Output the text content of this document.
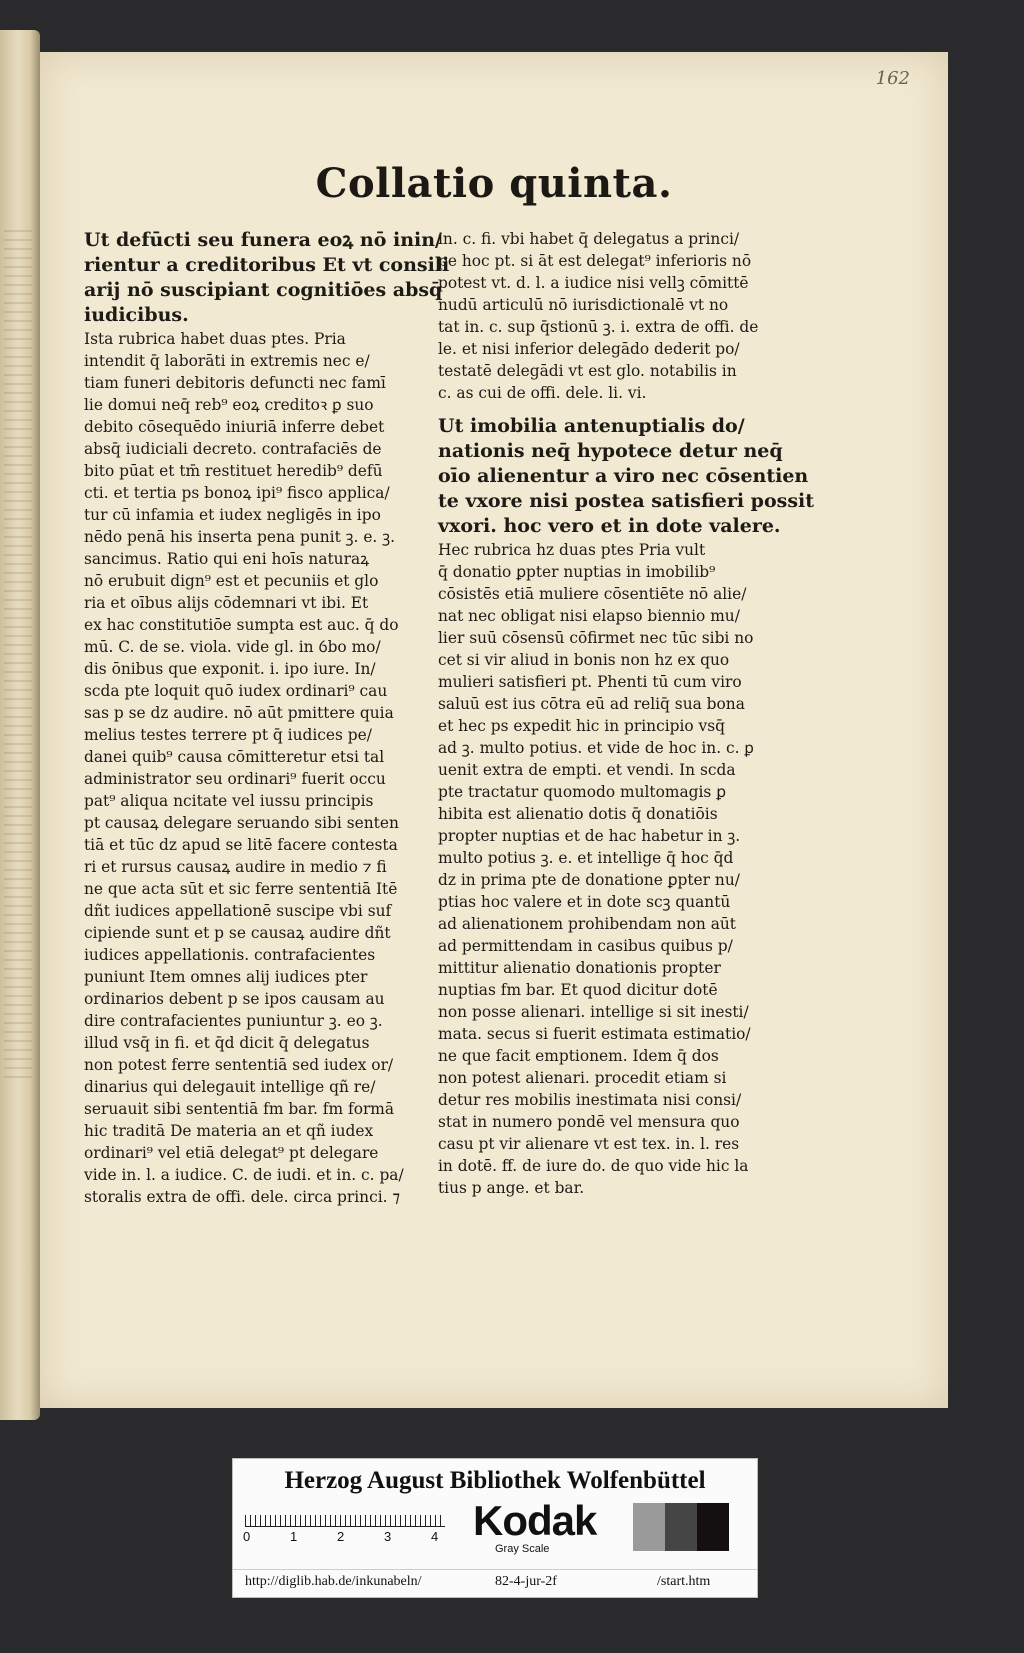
162
Collatio quinta.

Ut defūcti seu funera eoꝝ nō inin/

rientur a creditoribus Et vt consili

arij nō suscipiant cognitiōes absq̄

iudicibus.

Ista rubrica habet duas ptes. Pria

intendit q̄ laborāti in extremis nec e/

tiam funeri debitoris defuncti nec famī

lie domui neq̄ reb⁹ eoꝝ creditoꝛ ꝑ suo

debito cōsequēdo iniuriā inferre debet

absq̄ iudiciali decreto. contrafaciēs de

bito pūat et tm̄ restituet heredib⁹ defū

cti. et tertia ps bonoꝝ ipi⁹ fisco applica/

tur cū infamia et iudex negligēs in ipo

nēdo penā his inserta pena punit ꝫ. e. ꝫ.

sancimus. Ratio qui eni hoīs naturaꝝ

nō erubuit dign⁹ est et pecuniis et glo

ria et oībus alijs cōdemnari vt ibi. Et

ex hac constitutiōe sumpta est auc. q̄ do

mū. C. de se. viola. vide gl. in ỽbo mo/

dis ōnibus que exponit. i. ipo iure. In/

scda pte loquit quō iudex ordinari⁹ cau

sas p se dz audire. nō aūt pmittere quia

melius testes terrere pt q̄ iudices pe/

danei quib⁹ causa cōmitteretur etsi tal

administrator seu ordinari⁹ fuerit occu

pat⁹ aliqua ncitate vel iussu principis

pt causaꝝ delegare seruando sibi senten

tiā et tūc dz apud se litē facere contesta

ri et rursus causaꝝ audire in medio ⁊ fi

ne que acta sūt et sic ferre sententiā Itē

dñt iudices appellationē suscipe vbi suf

cipiende sunt et p se causaꝝ audire dñt

iudices appellationis. contrafacientes

puniunt Item omnes alij iudices pter

ordinarios debent p se ipos causam au

dire contrafacientes puniuntur ꝫ. eo ꝫ.

illud vsq̄ in fi. et q̄d dicit q̄ delegatus

non potest ferre sententiā sed iudex or/

dinarius qui delegauit intellige qñ re/

seruauit sibi sententiā fm bar. fm formā

hic traditā De materia an et qñ iudex

ordinari⁹ vel etiā delegat⁹ pt delegare

vide in. l. a iudice. C. de iudi. et in. c. pa/

storalis extra de offi. dele. circa princi. ⁊

in. c. fi. vbi habet q̄ delegatus a princi/

pe hoc pt. si āt est delegat⁹ inferioris nō

potest vt. d. l. a iudice nisi vellꝫ cōmittē

nudū articulū nō iurisdictionalē vt no

tat in. c. sup q̄stionū ꝫ. i. extra de offi. de

le. et nisi inferior delegādo dederit po/

testatē delegādi vt est glo. notabilis in

c. as cui de offi. dele. li. vi.

Ut imobilia antenuptialis do/

nationis neq̄ hypotece detur neq̄

oīo alienentur a viro nec cōsentien

te vxore nisi postea satisfieri possit

vxori. hoc vero et in dote valere.

Hec rubrica hz duas ptes Pria vult

q̄ donatio ꝑpter nuptias in imobilib⁹

cōsistēs etiā muliere cōsentiēte nō alie/

nat nec obligat nisi elapso biennio mu/

lier suū cōsensū cōfirmet nec tūc sibi no

cet si vir aliud in bonis non hz ex quo

mulieri satisfieri pt. Phenti tū cum viro

saluū est ius cōtra eū ad reliq̄ sua bona

et hec ps expedit hic in principio vsq̄

ad ꝫ. multo potius. et vide de hoc in. c. ꝑ

uenit extra de empti. et vendi. In scda

pte tractatur quomodo multomagis ꝑ

hibita est alienatio dotis q̄ donatiōis

propter nuptias et de hac habetur in ꝫ.

multo potius ꝫ. e. et intellige q̄ hoc q̄d

dz in prima pte de donatione ꝑpter nu/

ptias hoc valere et in dote scꝫ quantū

ad alienationem prohibendam non aūt

ad permittendam in casibus quibus p/

mittitur alienatio donationis propter

nuptias fm bar. Et quod dicitur dotē

non posse alienari. intellige si sit inesti/

mata. secus si fuerit estimata estimatio/

ne que facit emptionem. Idem q̄ dos

non potest alienari. procedit etiam si

detur res mobilis inestimata nisi consi/

stat in numero pondē vel mensura quo

casu pt vir alienare vt est tex. in. l. res

in dotē. ff. de iure do. de quo vide hic la

tius p ange. et bar.

Herzog August Bibliothek Wolfenbüttel
0	1	2	3	4 Kodak
Gray Scale
http://diglib.hab.de/inkunabeln/	82-4-jur-2f	/start.htm
